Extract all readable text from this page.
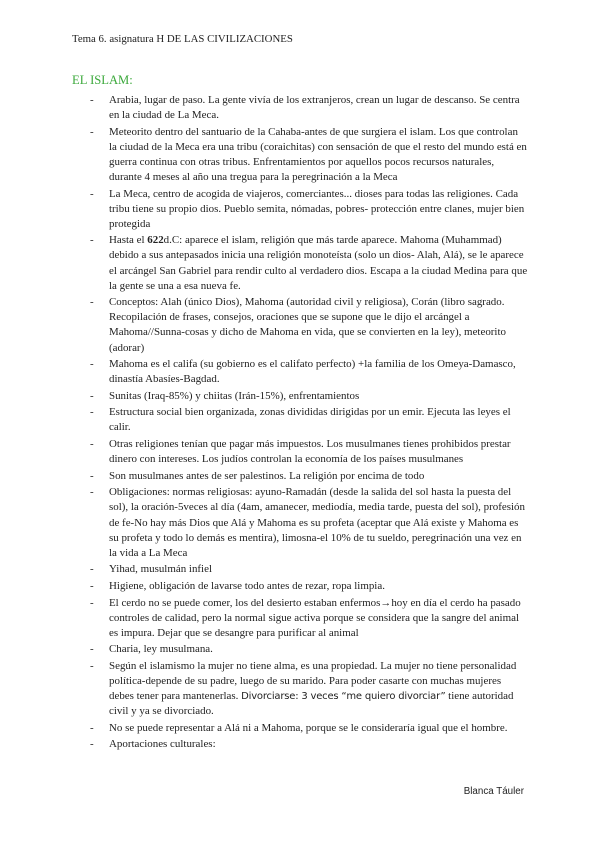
Tema 6. asignatura H DE LAS CIVILIZACIONES
EL ISLAM:
- Arabia, lugar de paso. La gente vivía de los extranjeros, crean un lugar de descanso. Se centra en la ciudad de La Meca.
- Meteorito dentro del santuario de la Cahaba-antes de que surgiera el islam. Los que controlan la ciudad de la Meca era una tribu (coraichitas) con sensación de que el resto del mundo está en guerra continua con otras tribus. Enfrentamientos por aquellos pocos recursos naturales, durante 4 meses al año una tregua para la peregrinación a la Meca
- La Meca, centro de acogida de viajeros, comerciantes... dioses para todas las religiones. Cada tribu tiene su propio dios. Pueblo semita, nómadas, pobres- protección entre clanes, mujer bien protegida
- Hasta el 622d.C: aparece el islam, religión que más tarde aparece. Mahoma (Muhammad) debido a sus antepasados inicia una religión monoteísta (solo un dios- Alah, Alá), se le aparece el arcángel San Gabriel para rendir culto al verdadero dios. Escapa a la ciudad Medina para que la gente se una a esa nueva fe.
- Conceptos: Alah (único Dios), Mahoma (autoridad civil y religiosa), Corán (libro sagrado. Recopilación de frases, consejos, oraciones que se supone que le dijo el arcángel a Mahoma//Sunna-cosas y dicho de Mahoma en vida, que se convierten en la ley), meteorito (adorar)
- Mahoma es el califa (su gobierno es el califato perfecto) +la familia de los Omeya-Damasco, dinastía Abasíes-Bagdad.
- Sunitas (Iraq-85%) y chiitas (Irán-15%), enfrentamientos
- Estructura social bien organizada, zonas divididas dirigidas por un emir. Ejecuta las leyes el calir.
- Otras religiones tenían que pagar más impuestos. Los musulmanes tienes prohibidos prestar dinero con intereses. Los judíos controlan la economía de los países musulmanes
- Son musulmanes antes de ser palestinos. La religión por encima de todo
- Obligaciones: normas religiosas: ayuno-Ramadán (desde la salida del sol hasta la puesta del sol), la oración-5veces al día (4am, amanecer, mediodía, media tarde, puesta del sol), profesión de fe-No hay más Dios que Alá y Mahoma es su profeta (aceptar que Alá existe y Mahoma es su profeta y todo lo demás es mentira), limosna-el 10% de tu sueldo, peregrinación una vez en la vida a La Meca
- Yihad, musulmán infiel
- Higiene, obligación de lavarse todo antes de rezar, ropa limpia.
- El cerdo no se puede comer, los del desierto estaban enfermos→hoy en día el cerdo ha pasado controles de calidad, pero la normal sigue activa porque se considera que la sangre del animal es impura. Dejar que se desangre para purificar al animal
- Charia, ley musulmana.
- Según el islamismo la mujer no tiene alma, es una propiedad. La mujer no tiene personalidad política-depende de su padre, luego de su marido. Para poder casarte con muchas mujeres debes tener para mantenerlas. Divorciarse: 3 veces “me quiero divorciar” tiene autoridad civil y ya se divorciado.
- No se puede representar a Alá ni a Mahoma, porque se le consideraría igual que el hombre.
- Aportaciones culturales:
Blanca Táuler
